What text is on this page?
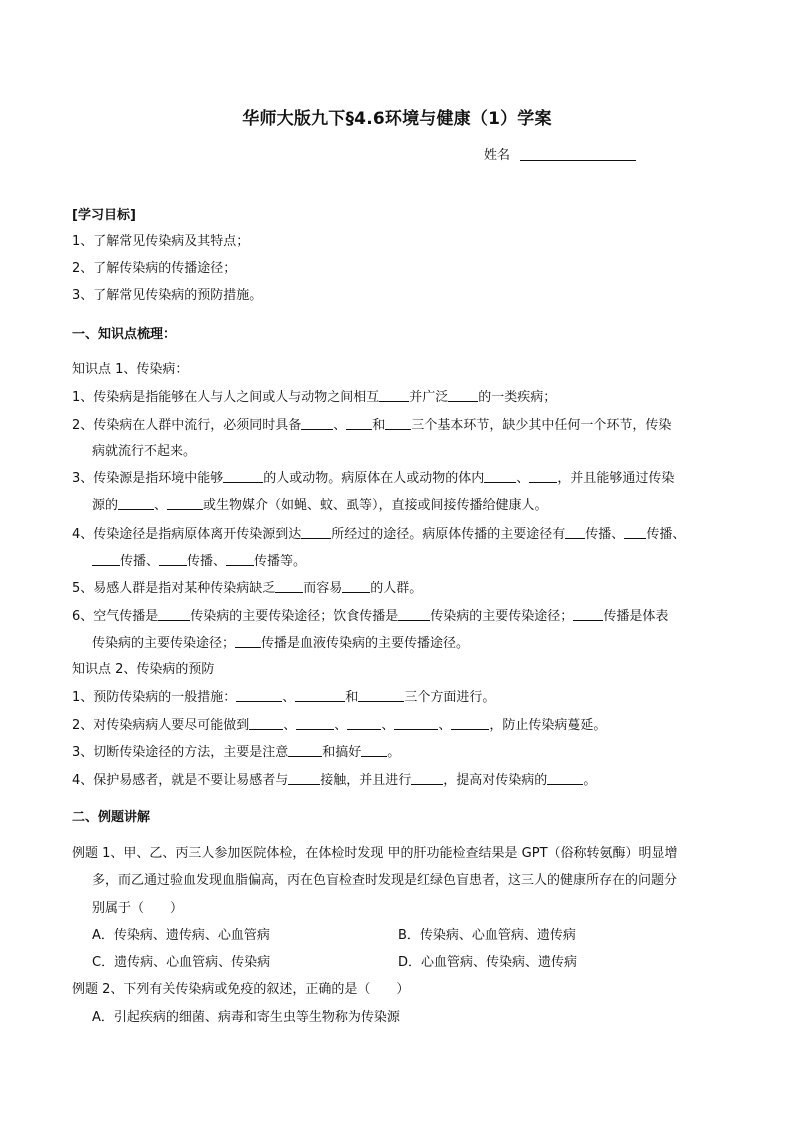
华师大版九下§4.6环境与健康（1）学案
姓名
[学习目标]
1、了解常见传染病及其特点；
2、了解传染病的传播途径；
3、了解常见传染病的预防措施。
一、知识点梳理：
知识点 1、传染病：
1、传染病是指能够在人与人之间或人与动物之间相互 并广泛 的一类疾病；
2、传染病在人群中流行，必须同时具备 、 和 三个基本环节，缺少其中任何一个环节，传染
病就流行不起来。
3、传染源是指环境中能够	的人或动物。病原体在人或动物的体内 、 ，并且能够通过传染
源的	、	或生物媒介（如蝇、蚊、虱等），直接或间接传播给健康人。
4、传染途径是指病原体离开传染源到达 所经过的途径。病原体传播的主要途径有 传播、 传播、
传播、 传播、 传播等。
5、易感人群是指对某种传染病缺乏 而容易 的人群。
6、空气传播是 传染病的主要传染途径；饮食传播是 传染病的主要传染途径； 传播是体表
传染病的主要传染途径； 传播是血液传染病的主要传播途径。
知识点 2、传染病的预防
1、预防传染病的一般措施：	、	和	三个方面进行。
2、对传染病病人要尽可能做到	、	、	、	、	，防止传染病蔓延。
3、切断传染途径的方法，主要是注意	和搞好 。
4、保护易感者，就是不要让易感者与 接触，并且进行 ，提高对传染病的	。
二、例题讲解
例题 1、甲、乙、丙三人参加医院体检，在体检时发现 甲的肝功能检查结果是 GPT（俗称转氨酶）明显增
多，而乙通过验血发现血脂偏高，丙在色盲检查时发现是红绿色盲患者，这三人的健康所存在的问题分
别属于（　　）
A．传染病、遗传病、心血管病	B．传染病、心血管病、遗传病
C．遗传病、心血管病、传染病	D．心血管病、传染病、遗传病
例题 2、下列有关传染病或免疫的叙述，正确的是（　　）
A．引起疾病的细菌、病毒和寄生虫等生物称为传染源
